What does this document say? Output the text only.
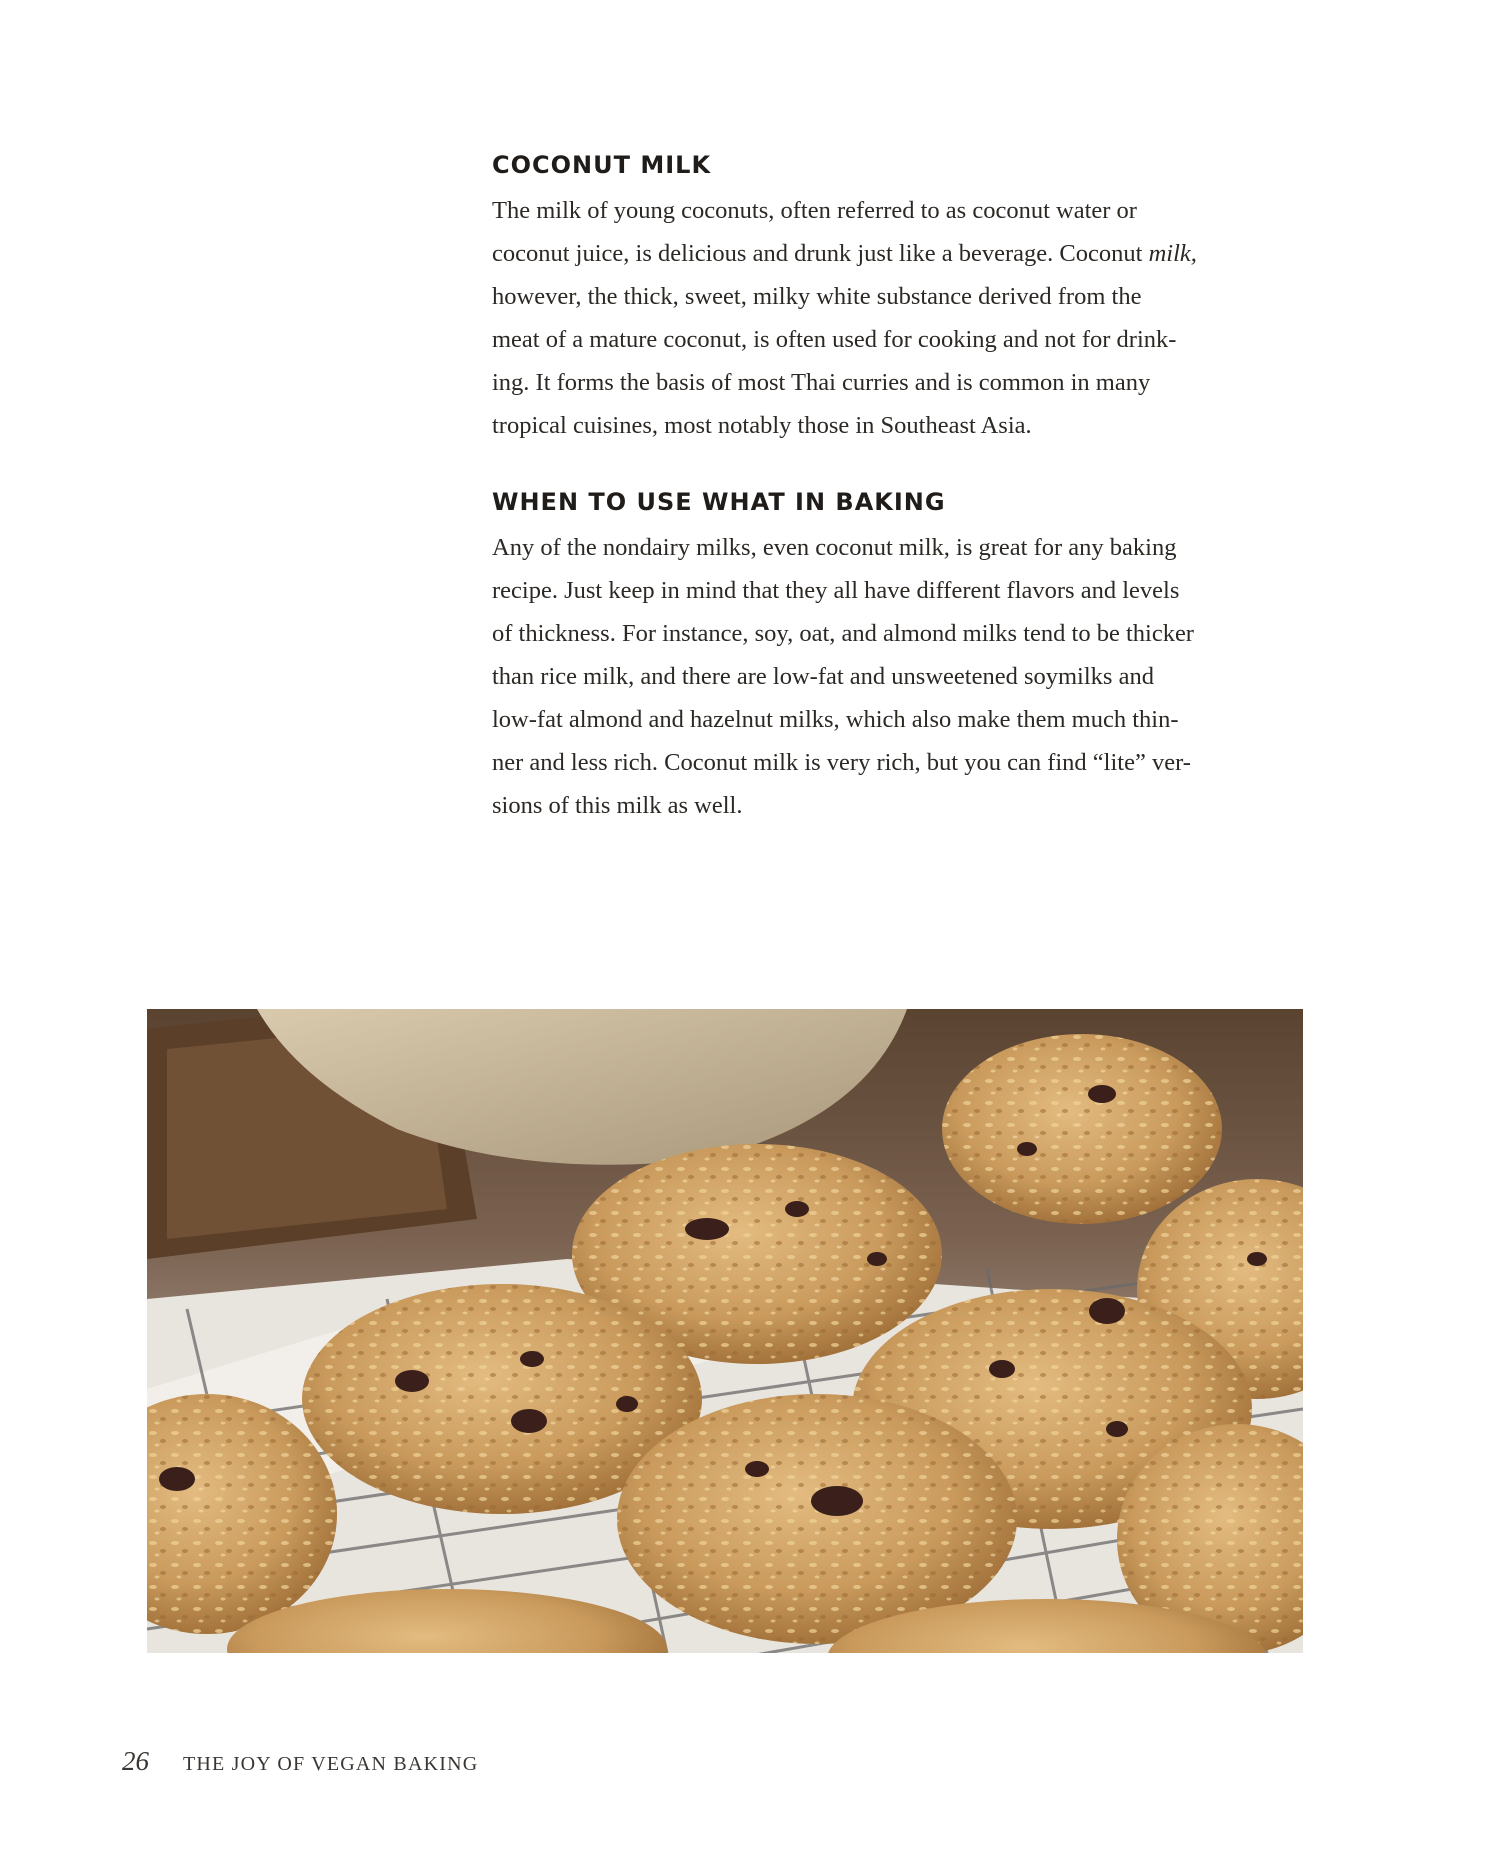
COCONUT MILK

The milk of young coconuts, often referred to as coconut water or
coconut juice, is delicious and drunk just like a beverage. Coconut milk,
however, the thick, sweet, milky white substance derived from the
meat of a mature coconut, is often used for cooking and not for drink-
ing. It forms the basis of most Thai curries and is common in many
tropical cuisines, most notably those in Southeast Asia.

WHEN TO USE WHAT IN BAKING

Any of the nondairy milks, even coconut milk, is great for any baking
recipe. Just keep in mind that they all have different flavors and levels
of thickness. For instance, soy, oat, and almond milks tend to be thicker
than rice milk, and there are low-fat and unsweetened soymilks and
low-fat almond and hazelnut milks, which also make them much thin-
ner and less rich. Coconut milk is very rich, but you can find “lite” ver-
sions of this milk as well.

26 THE JOY OF VEGAN BAKING
